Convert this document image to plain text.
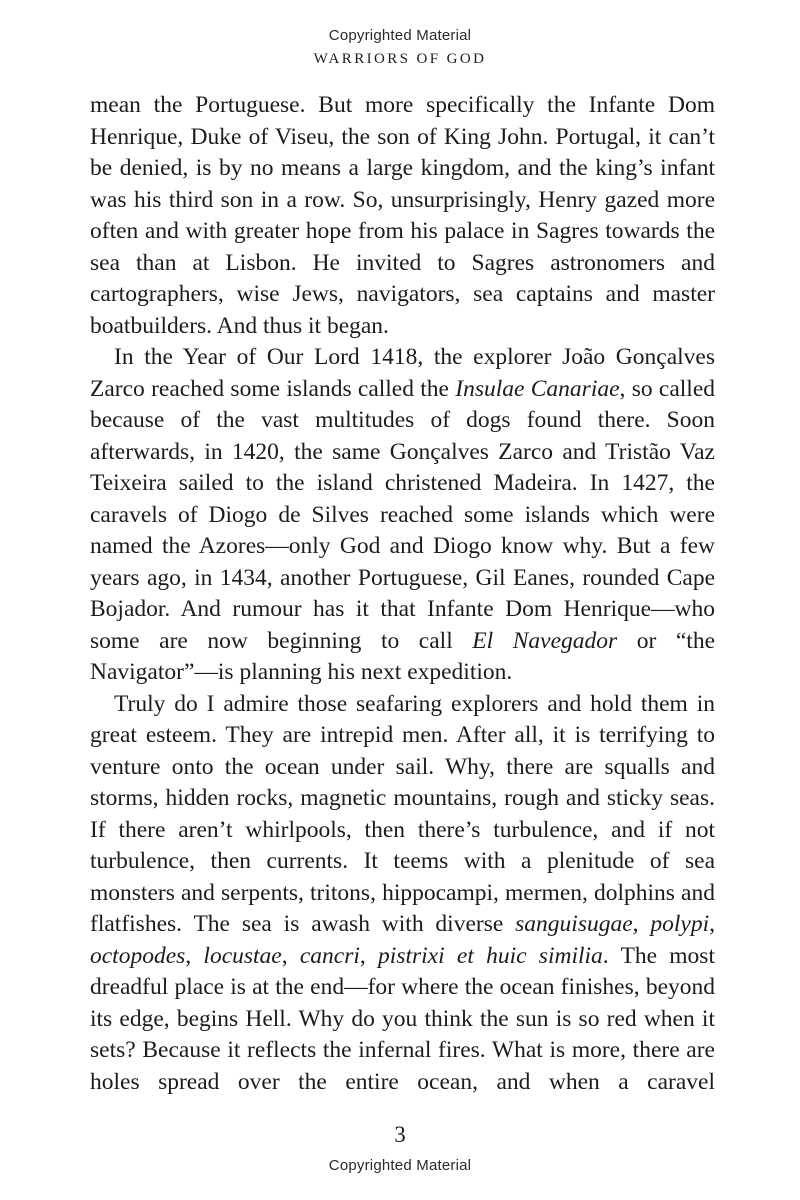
Copyrighted Material
WARRIORS OF GOD

mean the Portuguese. But more specifically the Infante Dom Henrique, Duke of Viseu, the son of King John. Portugal, it can’t be denied, is by no means a large kingdom, and the king’s infant was his third son in a row. So, unsurprisingly, Henry gazed more often and with greater hope from his palace in Sagres towards the sea than at Lisbon. He invited to Sagres astronomers and cartographers, wise Jews, navigators, sea captains and master boatbuilders. And thus it began.

In the Year of Our Lord 1418, the explorer João Gonçalves Zarco reached some islands called the Insulae Canariae, so called because of the vast multitudes of dogs found there. Soon afterwards, in 1420, the same Gonçalves Zarco and Tristão Vaz Teixeira sailed to the island christened Madeira. In 1427, the caravels of Diogo de Silves reached some islands which were named the Azores—only God and Diogo know why. But a few years ago, in 1434, another Portuguese, Gil Eanes, rounded Cape Bojador. And rumour has it that Infante Dom Henrique—who some are now beginning to call El Navegador or “the Navigator”—is planning his next expedition.

Truly do I admire those seafaring explorers and hold them in great esteem. They are intrepid men. After all, it is terrifying to venture onto the ocean under sail. Why, there are squalls and storms, hidden rocks, magnetic mountains, rough and sticky seas. If there aren’t whirlpools, then there’s turbulence, and if not turbulence, then currents. It teems with a plenitude of sea monsters and serpents, tritons, hippocampi, mermen, dolphins and flatfishes. The sea is awash with diverse sanguisugae, polypi, octopodes, locustae, cancri, pistrixi et huic similia. The most dreadful place is at the end—for where the ocean finishes, beyond its edge, begins Hell. Why do you think the sun is so red when it sets? Because it reflects the infernal fires. What is more, there are holes spread over the entire ocean, and when a caravel

3
Copyrighted Material
